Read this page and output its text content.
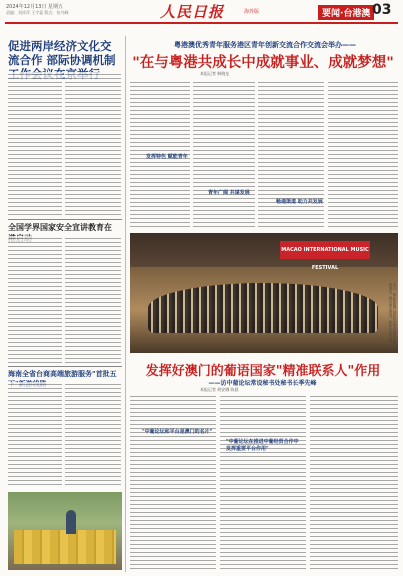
2024年12月13日 星期五
责编：刘祥萍 王宇蕊 版式：张丹峰	人民日报	海外版	要闻·台港澳 03
促进两岸经济文化交流合作 部际协调机制
全国学界国家安全宣讲教育在
海南全省台商高端旅游服务"首批五
粤港澳优秀青年服务港区青年创新交流合作交流会举办——
"在与粤港共成长中成就事业、成就梦想"
本报记者 韩晓龙
发挥特色 赋能青年
青年广阔 共谋发展
畅通渠道 助力共发展
MACAO INTERNATIONAL MUSIC FESTIVAL
近日，第36届澳门国际音乐节在澳门举行开幕演出。图为演出现场。新华社记者 摄
发挥好澳门的葡语国家"精准联系人"作用
——访中葡论坛常设秘书处秘书长季先峰
本报记者 胡安娜 陈晨
"中葡论坛和平台是澳门的名片"
"中葡论坛在推进中葡经贸合作中发挥重要平台作用"
